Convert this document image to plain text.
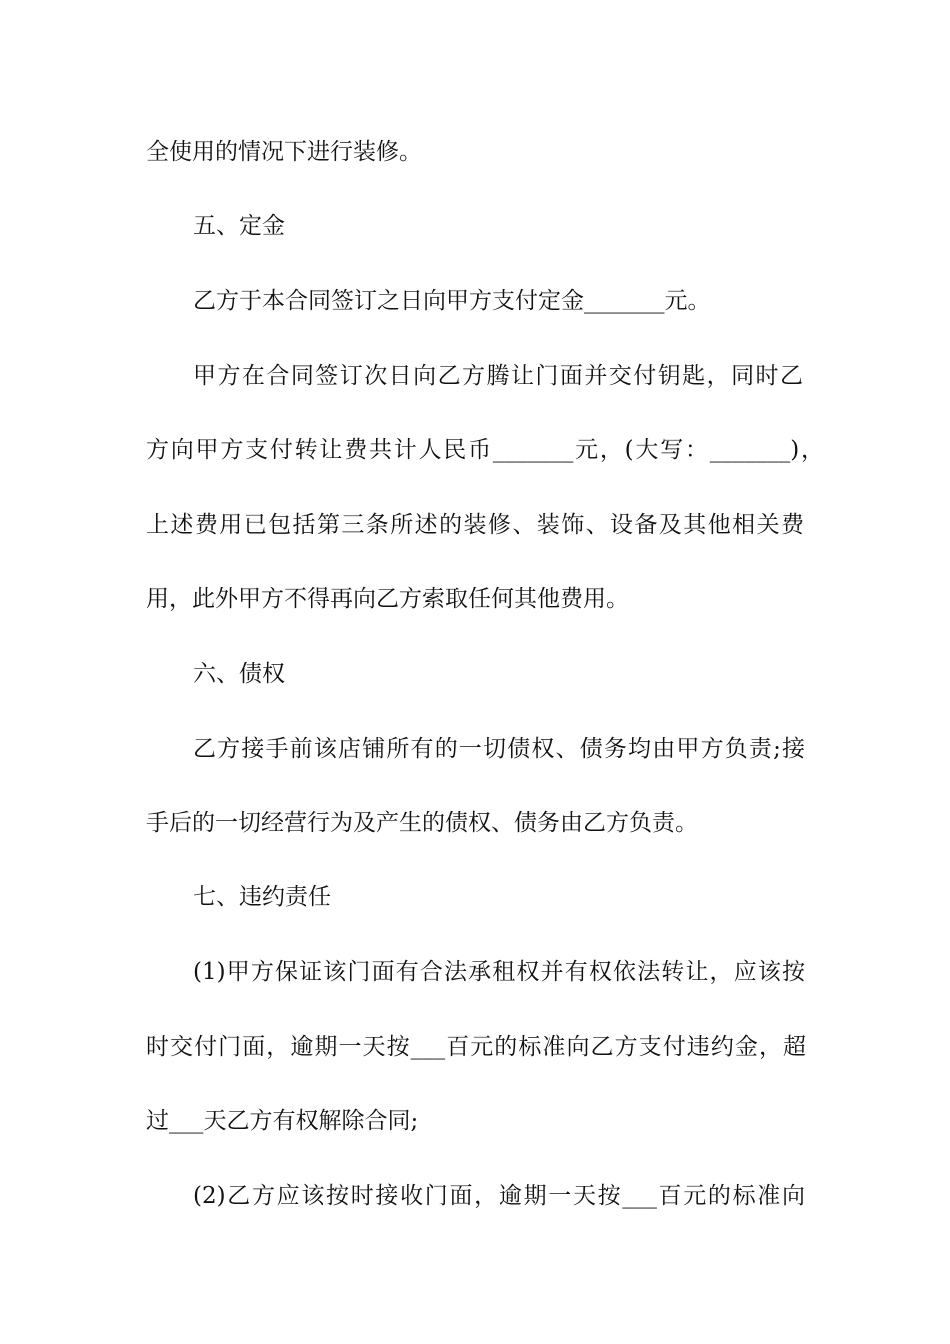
全使用的情况下进行装修。
五、定金
乙方于本合同签订之日向甲方支付定金_______元。
甲方在合同签订次日向乙方腾让门面并交付钥匙，同时乙
方向甲方支付转让费共计人民币_______元，(大写：_______)，
上述费用已包括第三条所述的装修、装饰、设备及其他相关费
用，此外甲方不得再向乙方索取任何其他费用。
六、债权
乙方接手前该店铺所有的一切债权、债务均由甲方负责;接
手后的一切经营行为及产生的债权、债务由乙方负责。
七、违约责任
(1)甲方保证该门面有合法承租权并有权依法转让，应该按
时交付门面，逾期一天按___百元的标准向乙方支付违约金，超
过___天乙方有权解除合同;
(2)乙方应该按时接收门面，逾期一天按___百元的标准向
